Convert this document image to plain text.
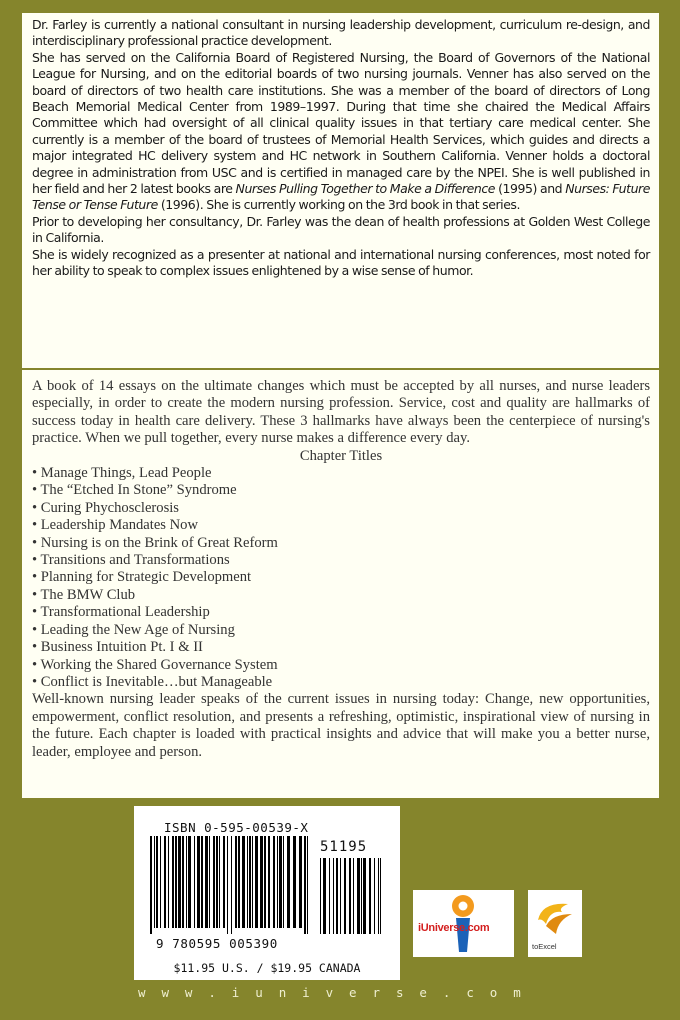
Dr. Farley is currently a national consultant in nursing leadership development, curriculum re-design, and interdisciplinary professional practice development.

She has served on the California Board of Registered Nursing, the Board of Governors of the National League for Nursing, and on the editorial boards of two nursing journals. Venner has also served on the board of directors of two health care institutions. She was a member of the board of directors of Long Beach Memorial Medical Center from 1989–1997. During that time she chaired the Medical Affairs Committee which had oversight of all clinical quality issues in that tertiary care medical center. She currently is a member of the board of trustees of Memorial Health Services, which guides and directs a major integrated HC delivery system and HC network in Southern California. Venner holds a doctoral degree in administration from USC and is certified in managed care by the NPEI. She is well published in her field and her 2 latest books are Nurses Pulling Together to Make a Difference (1995) and Nurses: Future Tense or Tense Future (1996). She is currently working on the 3rd book in that series.

Prior to developing her consultancy, Dr. Farley was the dean of health professions at Golden West College in California.

She is widely recognized as a presenter at national and international nursing conferences, most noted for her ability to speak to complex issues enlightened by a wise sense of humor.

A book of 14 essays on the ultimate changes which must be accepted by all nurses, and nurse leaders especially, in order to create the modern nursing profession. Service, cost and quality are hallmarks of success today in health care delivery. These 3 hallmarks have always been the centerpiece of nursing's practice. When we pull together, every nurse makes a difference every day.
Chapter Titles
• Manage Things, Lead People
• The “Etched In Stone” Syndrome
• Curing Phychosclerosis
• Leadership Mandates Now
• Nursing is on the Brink of Great Reform
• Transitions and Transformations
• Planning for Strategic Development
• The BMW Club
• Transformational Leadership
• Leading the New Age of Nursing
• Business Intuition Pt. I & II
• Working the Shared Governance System
• Conflict is Inevitable…but Manageable
Well-known nursing leader speaks of the current issues in nursing today: Change, new opportunities, empowerment, conflict resolution, and presents a refreshing, optimistic, inspirational view of nursing in the future. Each chapter is loaded with practical insights and advice that will make you a better nurse, leader, employee and person.
ISBN 0-595-00539-X
51195
9 780595 005390
$11.95 U.S. / $19.95 CANADA
iUniverse.com
toExcel
w w w . i u n i v e r s e . c o m
